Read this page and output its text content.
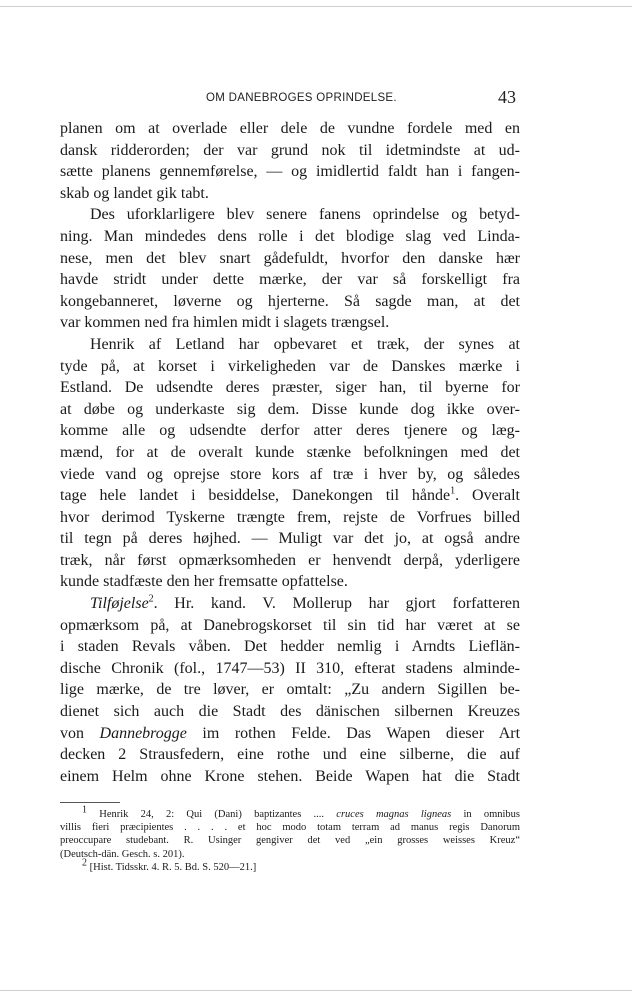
OM DANEBROGES OPRINDELSE.	43
planen om at overlade eller dele de vundne fordele med en
dansk ridderorden; der var grund nok til idetmindste at ud-
sætte planens gennemførelse, — og imidlertid faldt han i fangen-
skab og landet gik tabt.
Des uforklarligere blev senere fanens oprindelse og betyd-
ning. Man mindedes dens rolle i det blodige slag ved Linda-
nese, men det blev snart gådefuldt, hvorfor den danske hær
havde stridt under dette mærke, der var så forskelligt fra
kongebanneret, løverne og hjerterne. Så sagde man, at det
var kommen ned fra himlen midt i slagets trængsel.
Henrik af Letland har opbevaret et træk, der synes at
tyde på, at korset i virkeligheden var de Danskes mærke i
Estland. De udsendte deres præster, siger han, til byerne for
at døbe og underkaste sig dem. Disse kunde dog ikke over-
komme alle og udsendte derfor atter deres tjenere og læg-
mænd, for at de overalt kunde stænke befolkningen med det
viede vand og oprejse store kors af træ i hver by, og således
tage hele landet i besiddelse, Danekongen til hånde$^1$. Overalt
hvor derimod Tyskerne trængte frem, rejste de Vorfrues billed
til tegn på deres højhed. — Muligt var det jo, at også andre
træk, når først opmærksomheden er henvendt derpå, yderligere
kunde stadfæste den her fremsatte opfattelse.
Tilføjelse$^2$. Hr. kand. V. Mollerup har gjort forfatteren
opmærksom på, at Danebrogskorset til sin tid har været at se
i staden Revals våben. Det hedder nemlig i Arndts Lieflän-
dische Chronik (fol., 1747—53) II 310, efterat stadens alminde-
lige mærke, de tre løver, er omtalt: „Zu andern Sigillen be-
dienet sich auch die Stadt des dänischen silbernen Kreuzes
von Dannebrogge im rothen Felde. Das Wapen dieser Art
decken 2 Strausfedern, eine rothe und eine silberne, die auf
einem Helm ohne Krone stehen. Beide Wapen hat die Stadt
$^1$ Henrik 24, 2: Qui (Dani) baptizantes .... cruces magnas ligneas in omnibus
villis fieri præcipientes . . . . et hoc modo totam terram ad manus regis Danorum
preoccupare studebant. R. Usinger gengiver det ved „ein grosses weisses Kreuz“
(Deutsch-dän. Gesch. s. 201).
$^2$ [Hist. Tidsskr. 4. R. 5. Bd. S. 520—21.]
